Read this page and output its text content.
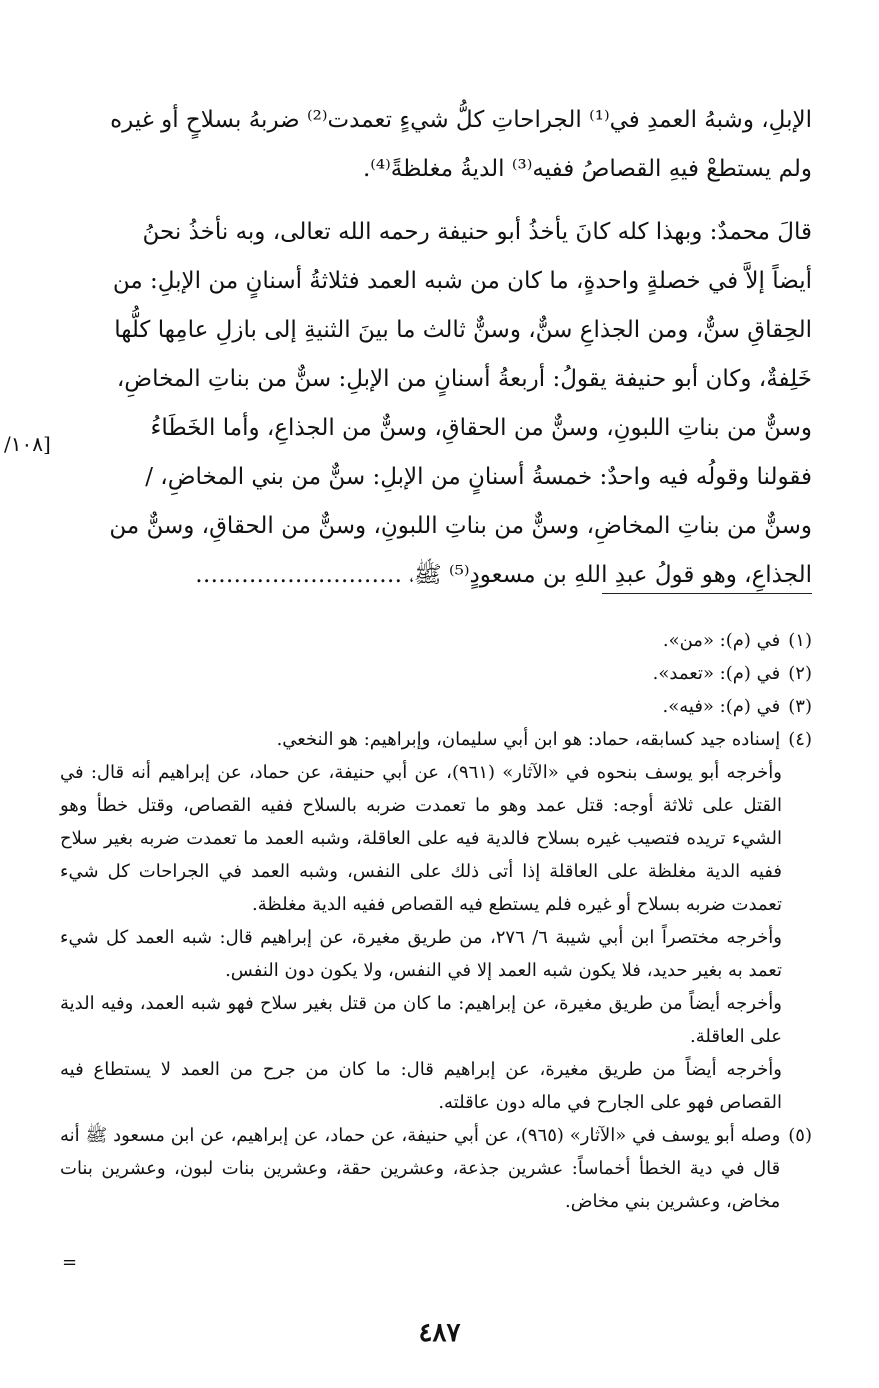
الإبلِ، وشبهُ العمدِ في⁽¹⁾ الجراحاتِ كلُّ شيءٍ تعمدت⁽²⁾ ضربهُ بسلاحٍ أو غيره
ولم يستطعْ فيهِ القصاصُ ففيه⁽³⁾ الديةُ مغلظةً⁽⁴⁾.

قالَ محمدٌ: وبهذا كله كانَ يأخذُ أبو حنيفة رحمه الله تعالى، وبه نأخذُ نحنُ
أيضاً إلاَّ في خصلةٍ واحدةٍ، ما كان من شبه العمد فثلاثةُ أسنانٍ من الإبلِ: من
الحِقاقِ سنٌّ، ومن الجذاعِ سنٌّ، وسنٌّ ثالث ما بينَ الثنيةِ إلى بازلِ عامِها كلُّها
خَلِفةٌ، وكان أبو حنيفة يقولُ: أربعةُ أسنانٍ من الإبلِ: سنٌّ من بناتِ المخاضِ،
وسنٌّ من بناتِ اللبونِ، وسنٌّ من الحقاقِ، وسنٌّ من الجذاعِ، وأما الخَطَاءُ
فقولنا وقولُه فيه واحدٌ: خمسةُ أسنانٍ من الإبلِ: سنٌّ من بني المخاضِ، /
وسنٌّ من بناتِ المخاضِ، وسنٌّ من بناتِ اللبونِ، وسنٌّ من الحقاقِ، وسنٌّ من
الجذاعِ، وهو قولُ عبدِ اللهِ بن مسعودٍ⁽⁵⁾ ﷺ، ………………………

[١٠٨/
(١)
في (م): «من».
(٢)
في (م): «تعمد».
(٣)
في (م): «فيه».
(٤)
إسناده جيد كسابقه، حماد: هو ابن أبي سليمان، وإبراهيم: هو النخعي.

وأخرجه أبو يوسف بنحوه في «الآثار» (٩٦١)، عن أبي حنيفة، عن حماد، عن إبراهيم أنه قال: في القتل على ثلاثة أوجه: قتل عمد وهو ما تعمدت ضربه بالسلاح ففيه القصاص، وقتل خطأ وهو الشيء تريده فتصيب غيره بسلاح فالدية فيه على العاقلة، وشبه العمد ما تعمدت ضربه بغير سلاح ففيه الدية مغلظة على العاقلة إذا أتى ذلك على النفس، وشبه العمد في الجراحات كل شيء تعمدت ضربه بسلاح أو غيره فلم يستطع فيه القصاص ففيه الدية مغلظة.

وأخرجه مختصراً ابن أبي شيبة ٦/ ٢٧٦، من طريق مغيرة، عن إبراهيم قال: شبه العمد كل شيء تعمد به بغير حديد، فلا يكون شبه العمد إلا في النفس، ولا يكون دون النفس.

وأخرجه أيضاً من طريق مغيرة، عن إبراهيم: ما كان من قتل بغير سلاح فهو شبه العمد، وفيه الدية على العاقلة.

وأخرجه أيضاً من طريق مغيرة، عن إبراهيم قال: ما كان من جرح من العمد لا يستطاع فيه القصاص فهو على الجارح في ماله دون عاقلته.

(٥)
وصله أبو يوسف في «الآثار» (٩٦٥)، عن أبي حنيفة، عن حماد، عن إبراهيم، عن ابن مسعود ﷺ أنه قال في دية الخطأ أخماساً: عشرين جذعة، وعشرين حقة، وعشرين بنات لبون، وعشرين بنات مخاض، وعشرين بني مخاض.
=
٤٨٧
